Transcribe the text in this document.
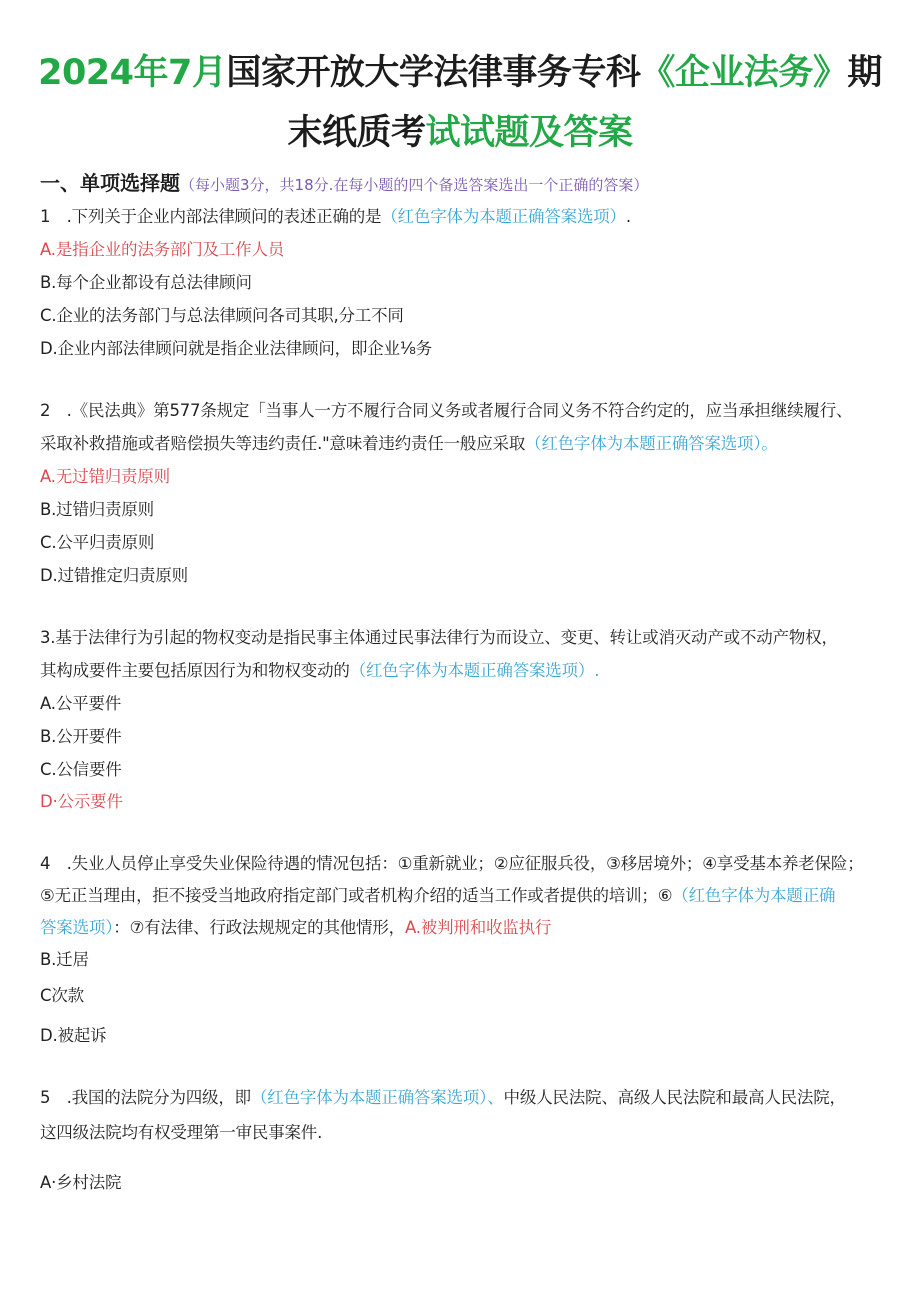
2024年7月国家开放大学法律事务专科《企业法务》期
末纸质考试试题及答案
一、单项选择题（每小题3分，共18分.在每小题的四个备选答案选出一个正确的答案）
1　.下列关于企业内部法律顾问的表述正确的是（红色字体为本题正确答案选项）.
A.是指企业的法务部门及工作人员
B.每个企业都设有总法律顾问
C.企业的法务部门与总法律顾问各司其职,分工不同
D.企业内部法律顾问就是指企业法律顾问，即企业⅛务
2　.《民法典》第577条规定「当事人一方不履行合同义务或者履行合同义务不符合约定的，应当承担继续履行、
采取补救措施或者赔偿损失等违约责任."意味着违约责任一般应采取（红色字体为本题正确答案选项）。
A.无过错归责原则
B.过错归责原则
C.公平归责原则
D.过错推定归责原则
3.基于法律行为引起的物权变动是指民事主体通过民事法律行为而设立、变更、转让或消灭动产或不动产物权，
其构成要件主要包括原因行为和物权变动的（红色字体为本题正确答案选项）.
A.公平要件
B.公开要件
C.公信要件
D·公示要件
4　.失业人员停止享受失业保险待遇的情况包括：①重新就业；②应征服兵役，③移居境外；④享受基本养老保险；
⑤无正当理由，拒不接受当地政府指定部门或者机构介绍的适当工作或者提供的培训；⑥（红色字体为本题正确
答案选项）：⑦有法律、行政法规规定的其他情形，A.被判刑和收监执行
B.迁居
C次款
D.被起诉
5　.我国的法院分为四级，即（红色字体为本题正确答案选项）、中级人民法院、高级人民法院和最高人民法院，
这四级法院均有权受理第一审民事案件.
A·乡村法院
